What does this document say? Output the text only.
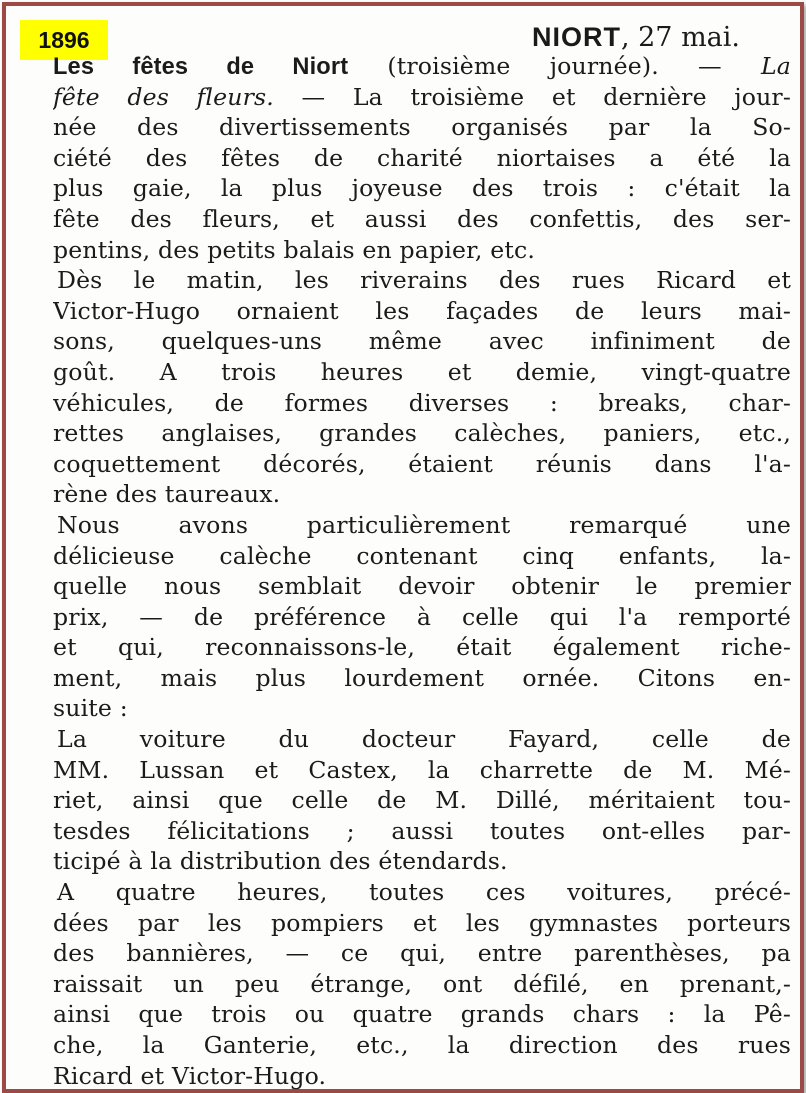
1896	NIORT, 27 mai.
Les fêtes de Niort (troisième journée). — La
fête des fleurs. — La troisième et dernière jour-
née des divertissements organisés par la So-
ciété des fêtes de charité niortaises a été la
plus gaie, la plus joyeuse des trois : c'était la
fête des fleurs, et aussi des confettis, des ser-
pentins, des petits balais en papier, etc.
Dès le matin, les riverains des rues Ricard et
Victor-Hugo ornaient les façades de leurs mai-
sons, quelques-uns même avec infiniment de
goût. A trois heures et demie, vingt-quatre
véhicules, de formes diverses : breaks, char-
rettes anglaises, grandes calèches, paniers, etc.,
coquettement décorés, étaient réunis dans l'a-
rène des taureaux.
Nous avons particulièrement remarqué une
délicieuse calèche contenant cinq enfants, la-
quelle nous semblait devoir obtenir le premier
prix, — de préférence à celle qui l'a remporté
et qui, reconnaissons-le, était également riche-
ment, mais plus lourdement ornée. Citons en-
suite :
La voiture du docteur Fayard, celle de
MM. Lussan et Castex, la charrette de M. Mé-
riet, ainsi que celle de M. Dillé, méritaient tou-
tesdes félicitations ; aussi toutes ont-elles par-
ticipé à la distribution des étendards.
A quatre heures, toutes ces voitures, précé-
dées par les pompiers et les gymnastes porteurs
des bannières, — ce qui, entre parenthèses, pa
raissait un peu étrange, ont défilé, en prenant,-
ainsi que trois ou quatre grands chars : la Pê-
che, la Ganterie, etc., la direction des rues
Ricard et Victor-Hugo.
